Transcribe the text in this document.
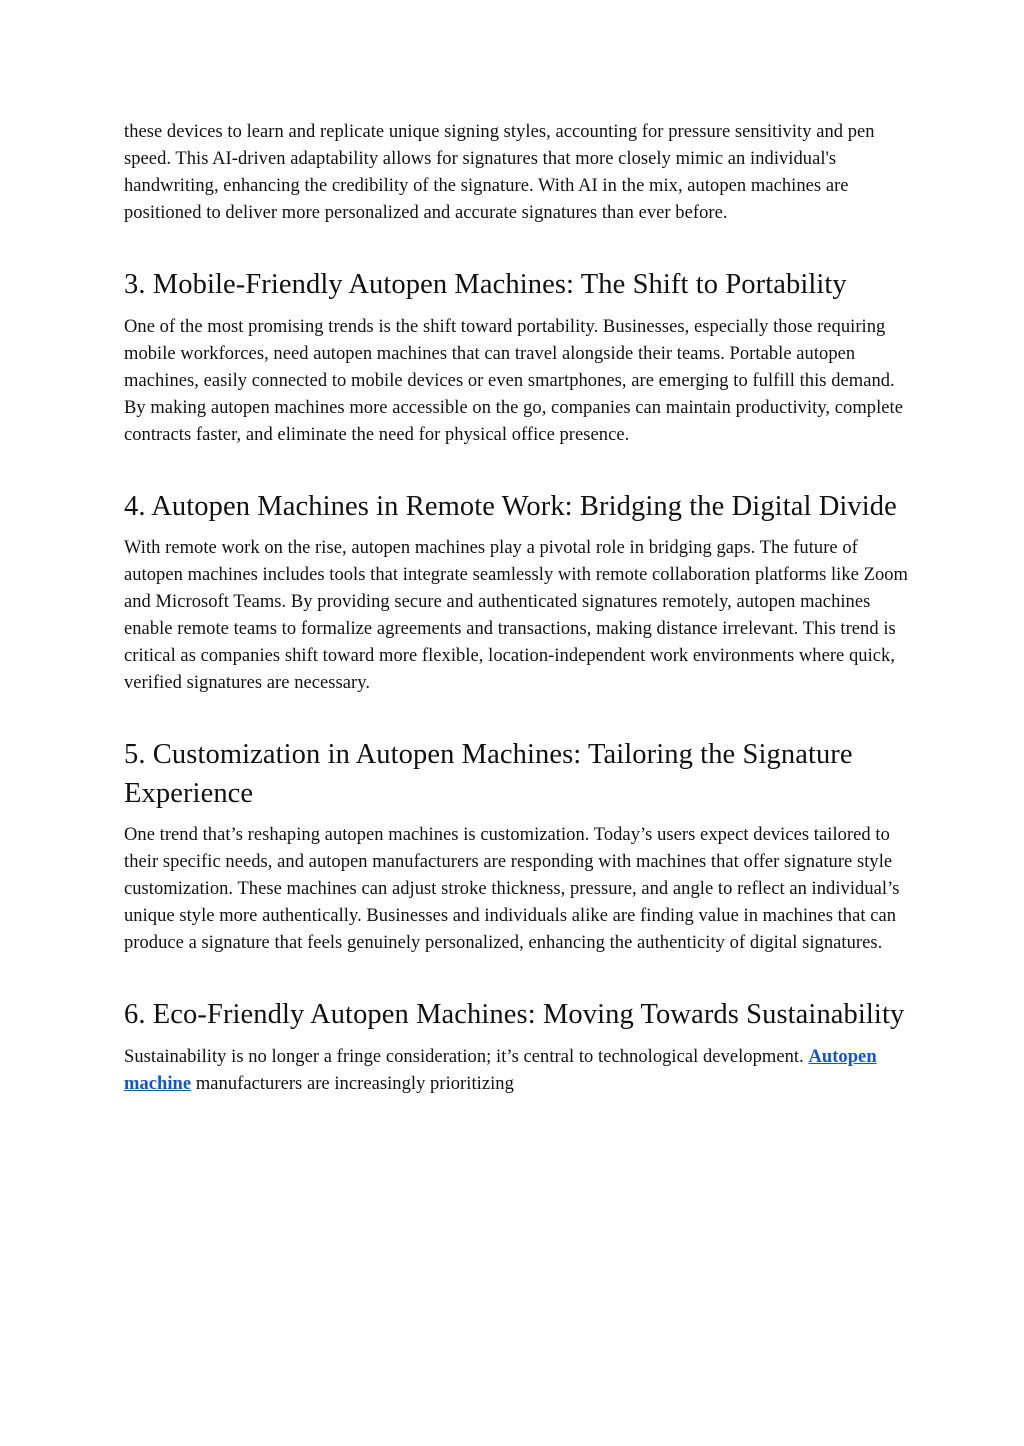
these devices to learn and replicate unique signing styles, accounting for pressure sensitivity and pen speed. This AI-driven adaptability allows for signatures that more closely mimic an individual's handwriting, enhancing the credibility of the signature. With AI in the mix, autopen machines are positioned to deliver more personalized and accurate signatures than ever before.

3. Mobile-Friendly Autopen Machines: The Shift to Portability

One of the most promising trends is the shift toward portability. Businesses, especially those requiring mobile workforces, need autopen machines that can travel alongside their teams. Portable autopen machines, easily connected to mobile devices or even smartphones, are emerging to fulfill this demand. By making autopen machines more accessible on the go, companies can maintain productivity, complete contracts faster, and eliminate the need for physical office presence.

4. Autopen Machines in Remote Work: Bridging the Digital Divide

With remote work on the rise, autopen machines play a pivotal role in bridging gaps. The future of autopen machines includes tools that integrate seamlessly with remote collaboration platforms like Zoom and Microsoft Teams. By providing secure and authenticated signatures remotely, autopen machines enable remote teams to formalize agreements and transactions, making distance irrelevant. This trend is critical as companies shift toward more flexible, location-independent work environments where quick, verified signatures are necessary.

5. Customization in Autopen Machines: Tailoring the Signature Experience

One trend that’s reshaping autopen machines is customization. Today’s users expect devices tailored to their specific needs, and autopen manufacturers are responding with machines that offer signature style customization. These machines can adjust stroke thickness, pressure, and angle to reflect an individual’s unique style more authentically. Businesses and individuals alike are finding value in machines that can produce a signature that feels genuinely personalized, enhancing the authenticity of digital signatures.

6. Eco-Friendly Autopen Machines: Moving Towards Sustainability

Sustainability is no longer a fringe consideration; it’s central to technological development. Autopen machine manufacturers are increasingly prioritizing
